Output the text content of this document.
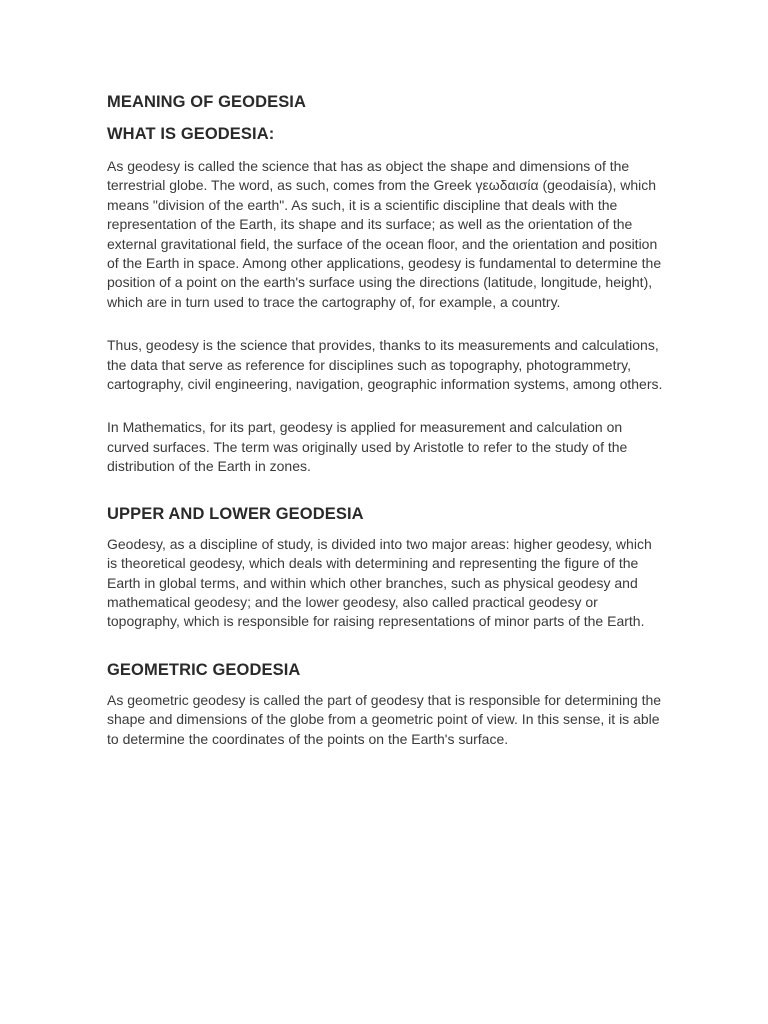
MEANING OF GEODESIA
WHAT IS GEODESIA:

As geodesy is called the science that has as object the shape and dimensions of the terrestrial globe. The word, as such, comes from the Greek γεωδαισία (geodaisía), which means "division of the earth". As such, it is a scientific discipline that deals with the representation of the Earth, its shape and its surface; as well as the orientation of the external gravitational field, the surface of the ocean floor, and the orientation and position of the Earth in space. Among other applications, geodesy is fundamental to determine the position of a point on the earth's surface using the directions (latitude, longitude, height), which are in turn used to trace the cartography of, for example, a country.

Thus, geodesy is the science that provides, thanks to its measurements and calculations, the data that serve as reference for disciplines such as topography, photogrammetry, cartography, civil engineering, navigation, geographic information systems, among others.

In Mathematics, for its part, geodesy is applied for measurement and calculation on curved surfaces. The term was originally used by Aristotle to refer to the study of the distribution of the Earth in zones.

UPPER AND LOWER GEODESIA

Geodesy, as a discipline of study, is divided into two major areas: higher geodesy, which is theoretical geodesy, which deals with determining and representing the figure of the Earth in global terms, and within which other branches, such as physical geodesy and mathematical geodesy; and the lower geodesy, also called practical geodesy or topography, which is responsible for raising representations of minor parts of the Earth.

GEOMETRIC GEODESIA

As geometric geodesy is called the part of geodesy that is responsible for determining the shape and dimensions of the globe from a geometric point of view. In this sense, it is able to determine the coordinates of the points on the Earth's surface.
